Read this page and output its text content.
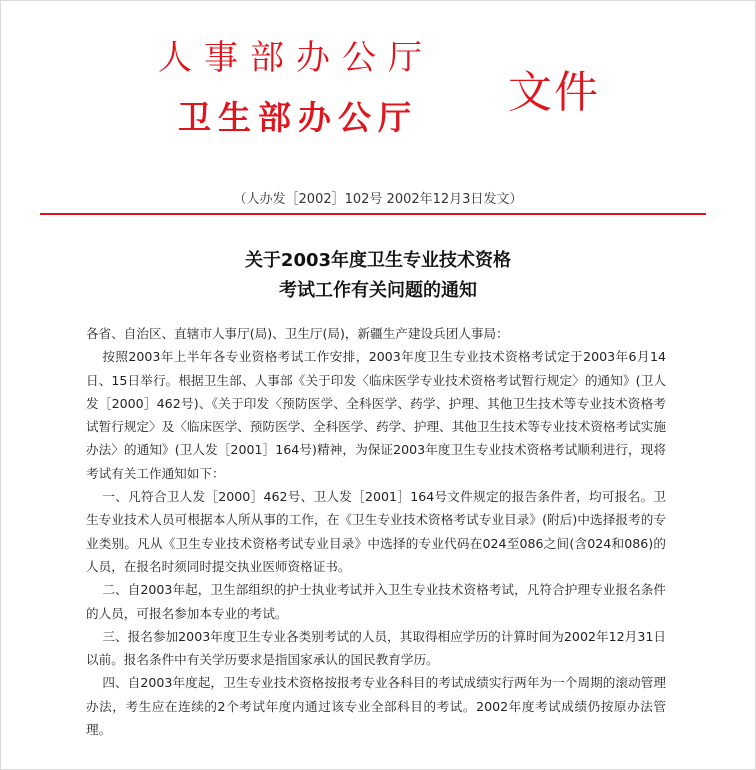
人事部办公厅
卫生部办公厅 文件
（人办发［2002］102号 2002年12月3日发文）
关于2003年度卫生专业技术资格
考试工作有关问题的通知

各省、自治区、直辖市人事厅(局)、卫生厅(局)，新疆生产建设兵团人事局：

按照2003年上半年各专业资格考试工作安排，2003年度卫生专业技术资格考试定于2003年6月14日、15日举行。根据卫生部、人事部《关于印发〈临床医学专业技术资格考试暂行规定〉的通知》(卫人发［2000］462号)、《关于印发〈预防医学、全科医学、药学、护理、其他卫生技术等专业技术资格考试暂行规定〉及〈临床医学、预防医学、全科医学、药学、护理、其他卫生技术等专业技术资格考试实施办法〉的通知》(卫人发［2001］164号)精神，为保证2003年度卫生专业技术资格考试顺利进行，现将考试有关工作通知如下：

一、凡符合卫人发［2000］462号、卫人发［2001］164号文件规定的报告条件者，均可报名。卫生专业技术人员可根据本人所从事的工作，在《卫生专业技术资格考试专业目录》(附后)中选择报考的专业类别。凡从《卫生专业技术资格考试专业目录》中选择的专业代码在024至086之间(含024和086)的人员，在报名时须同时提交执业医师资格证书。

二、自2003年起，卫生部组织的护士执业考试并入卫生专业技术资格考试，凡符合护理专业报名条件的人员，可报名参加本专业的考试。

三、报名参加2003年度卫生专业各类别考试的人员，其取得相应学历的计算时间为2002年12月31日以前。报名条件中有关学历要求是指国家承认的国民教育学历。

四、自2003年度起，卫生专业技术资格按报考专业各科目的考试成绩实行两年为一个周期的滚动管理办法，考生应在连续的2个考试年度内通过该专业全部科目的考试。2002年度考试成绩仍按原办法管理。
